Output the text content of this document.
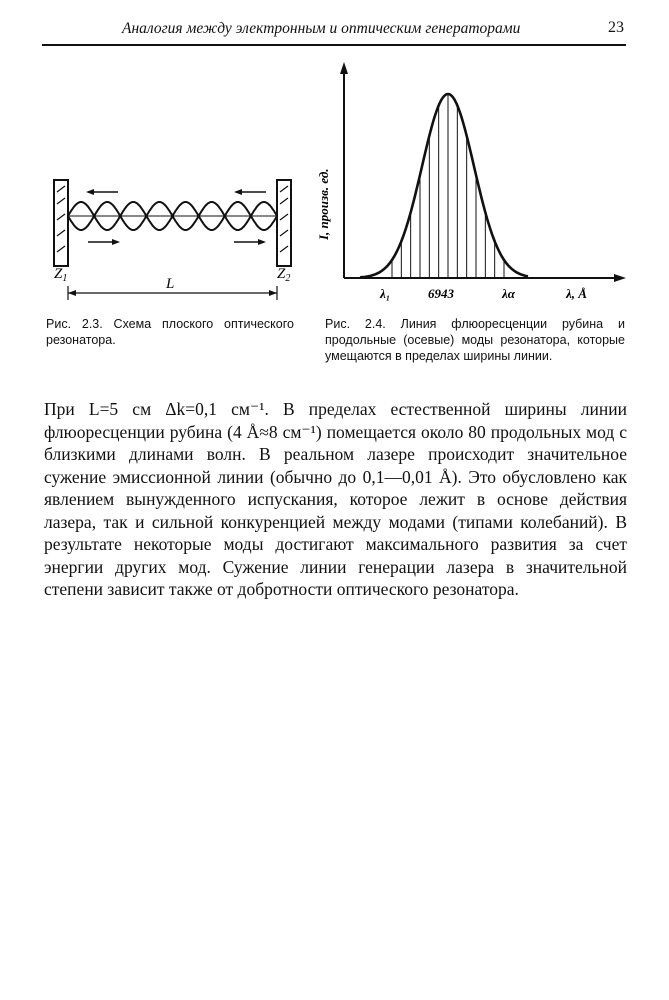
Аналогия между электронным и оптическим генераторами	23
$Z_1$	$Z_2$
L
I, произв. ед.
λ₁	6943	λα	λ, Å
Рис. 2.3. Схема плоского оптического резонатора.
Рис. 2.4. Линия флюоресценции рубина и продольные (осевые) моды резонатора, которые умещаются в пределах ширины линии.

При L=5 см Δk=0,1 см⁻¹. В пределах естественной ширины линии флюоресценции рубина (4 Å≈8 см⁻¹) помещается около 80 продольных мод с близкими длинами волн. В реальном лазере происходит значительное сужение эмиссионной линии (обычно до 0,1—0,01 Å). Это обусловлено как явлением вынужденного испускания, которое лежит в основе действия лазера, так и сильной конкуренцией между модами (типами колебаний). В результате некоторые моды достигают максимального развития за счет энергии других мод. Сужение линии генерации лазера в значительной степени зависит также от добротности оптического резонатора.
